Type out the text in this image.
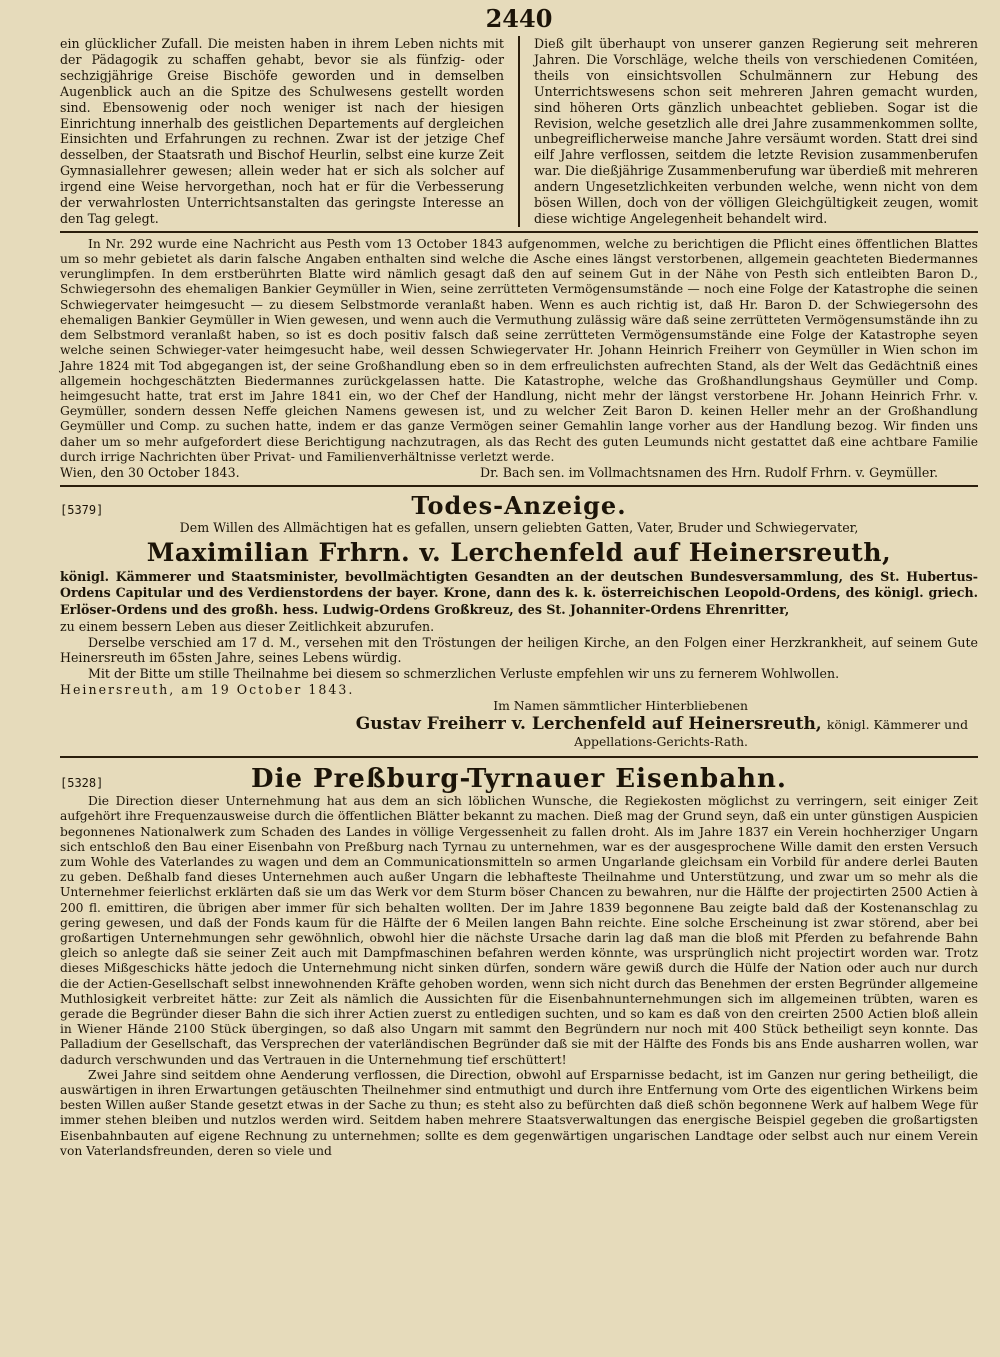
2440

ein glücklicher Zufall. Die meisten haben in ihrem Leben nichts mit der Pädagogik zu schaffen gehabt, bevor sie als fünfzig- oder sechzigjährige Greise Bischöfe geworden und in demselben Augenblick auch an die Spitze des Schulwesens gestellt worden sind. Ebensowenig oder noch weniger ist nach der hiesigen Einrichtung innerhalb des geistlichen Departements auf dergleichen Einsichten und Erfahrungen zu rechnen. Zwar ist der jetzige Chef desselben, der Staatsrath und Bischof Heurlin, selbst eine kurze Zeit Gymnasiallehrer gewesen; allein weder hat er sich als solcher auf irgend eine Weise hervorgethan, noch hat er für die Verbesserung der verwahrlosten Unterrichtsanstalten das geringste Interesse an den Tag gelegt.

Dieß gilt überhaupt von unserer ganzen Regierung seit mehreren Jahren. Die Vorschläge, welche theils von verschiedenen Comitéen, theils von einsichtsvollen Schulmännern zur Hebung des Unterrichtswesens schon seit mehreren Jahren gemacht wurden, sind höheren Orts gänzlich unbeachtet geblieben. Sogar ist die Revision, welche gesetzlich alle drei Jahre zusammenkommen sollte, unbegreiflicherweise manche Jahre versäumt worden. Statt drei sind eilf Jahre verflossen, seitdem die letzte Revision zusammenberufen war. Die dießjährige Zusammenberufung war überdieß mit mehreren andern Ungesetzlichkeiten verbunden welche, wenn nicht von dem bösen Willen, doch von der völligen Gleichgültigkeit zeugen, womit diese wichtige Angelegenheit behandelt wird.

In Nr. 292 wurde eine Nachricht aus Pesth vom 13 October 1843 aufgenommen, welche zu berichtigen die Pflicht eines öffentlichen Blattes um so mehr gebietet als darin falsche Angaben enthalten sind welche die Asche eines längst verstorbenen, allgemein geachteten Biedermannes verunglimpfen. In dem erstberührten Blatte wird nämlich gesagt daß den auf seinem Gut in der Nähe von Pesth sich entleibten Baron D., Schwiegersohn des ehemaligen Bankier Geymüller in Wien, seine zerrütteten Vermögensumstände — noch eine Folge der Katastrophe die seinen Schwiegervater heimgesucht — zu diesem Selbstmorde veranlaßt haben. Wenn es auch richtig ist, daß Hr. Baron D. der Schwiegersohn des ehemaligen Bankier Geymüller in Wien gewesen, und wenn auch die Vermuthung zulässig wäre daß seine zerrütteten Vermögensumstände ihn zu dem Selbstmord veranlaßt haben, so ist es doch positiv falsch daß seine zerrütteten Vermögensumstände eine Folge der Katastrophe seyen welche seinen Schwieger-vater heimgesucht habe, weil dessen Schwiegervater Hr. Johann Heinrich Freiherr von Geymüller in Wien schon im Jahre 1824 mit Tod abgegangen ist, der seine Großhandlung eben so in dem erfreulichsten aufrechten Stand, als der Welt das Gedächtniß eines allgemein hochgeschätzten Biedermannes zurückgelassen hatte. Die Katastrophe, welche das Großhandlungshaus Geymüller und Comp. heimgesucht hatte, trat erst im Jahre 1841 ein, wo der Chef der Handlung, nicht mehr der längst verstorbene Hr. Johann Heinrich Frhr. v. Geymüller, sondern dessen Neffe gleichen Namens gewesen ist, und zu welcher Zeit Baron D. keinen Heller mehr an der Großhandlung Geymüller und Comp. zu suchen hatte, indem er das ganze Vermögen seiner Gemahlin lange vorher aus der Handlung bezog. Wir finden uns daher um so mehr aufgefordert diese Berichtigung nachzutragen, als das Recht des guten Leumunds nicht gestattet daß eine achtbare Familie durch irrige Nachrichten über Privat- und Familienverhältnisse verletzt werde.

Wien, den 30 October 1843.	Dr. Bach sen. im Vollmachtsnamen des Hrn. Rudolf Frhrn. v. Geymüller.
[5379]	Todes-Anzeige.

Dem Willen des Allmächtigen hat es gefallen, unsern geliebten Gatten, Vater, Bruder und Schwiegervater,

Maximilian Frhrn. v. Lerchenfeld auf Heinersreuth,

königl. Kämmerer und Staatsminister, bevollmächtigten Gesandten an der deutschen Bundesversammlung, des St. Hubertus-Ordens Capitular und des Verdienstordens der bayer. Krone, dann des k. k. österreichischen Leopold-Ordens, des königl. griech. Erlöser-Ordens und des großh. hess. Ludwig-Ordens Großkreuz, des St. Johanniter-Ordens Ehrenritter,

zu einem bessern Leben aus dieser Zeitlichkeit abzurufen.

Derselbe verschied am 17 d. M., versehen mit den Tröstungen der heiligen Kirche, an den Folgen einer Herzkrankheit, auf seinem Gute Heinersreuth im 65sten Jahre, seines Lebens würdig.

Mit der Bitte um stille Theilnahme bei diesem so schmerzlichen Verluste empfehlen wir uns zu fernerem Wohlwollen.

Heinersreuth, am 19 October 1843.

Im Namen sämmtlicher Hinterbliebenen
Gustav Freiherr v. Lerchenfeld auf Heinersreuth, königl. Kämmerer und
Appellations-Gerichts-Rath.
[5328]	Die Preßburg-Tyrnauer Eisenbahn.

Die Direction dieser Unternehmung hat aus dem an sich löblichen Wunsche, die Regiekosten möglichst zu verringern, seit einiger Zeit aufgehört ihre Frequenzausweise durch die öffentlichen Blätter bekannt zu machen. Dieß mag der Grund seyn, daß ein unter günstigen Auspicien begonnenes Nationalwerk zum Schaden des Landes in völlige Vergessenheit zu fallen droht. Als im Jahre 1837 ein Verein hochherziger Ungarn sich entschloß den Bau einer Eisenbahn von Preßburg nach Tyrnau zu unternehmen, war es der ausgesprochene Wille damit den ersten Versuch zum Wohle des Vaterlandes zu wagen und dem an Communicationsmitteln so armen Ungarlande gleichsam ein Vorbild für andere derlei Bauten zu geben. Deßhalb fand dieses Unternehmen auch außer Ungarn die lebhafteste Theilnahme und Unterstützung, und zwar um so mehr als die Unternehmer feierlichst erklärten daß sie um das Werk vor dem Sturm böser Chancen zu bewahren, nur die Hälfte der projectirten 2500 Actien à 200 fl. emittiren, die übrigen aber immer für sich behalten wollten. Der im Jahre 1839 begonnene Bau zeigte bald daß der Kostenanschlag zu gering gewesen, und daß der Fonds kaum für die Hälfte der 6 Meilen langen Bahn reichte. Eine solche Erscheinung ist zwar störend, aber bei großartigen Unternehmungen sehr gewöhnlich, obwohl hier die nächste Ursache darin lag daß man die bloß mit Pferden zu befahrende Bahn gleich so anlegte daß sie seiner Zeit auch mit Dampfmaschinen befahren werden könnte, was ursprünglich nicht projectirt worden war. Trotz dieses Mißgeschicks hätte jedoch die Unternehmung nicht sinken dürfen, sondern wäre gewiß durch die Hülfe der Nation oder auch nur durch die der Actien-Gesellschaft selbst innewohnenden Kräfte gehoben worden, wenn sich nicht durch das Benehmen der ersten Begründer allgemeine Muthlosigkeit verbreitet hätte: zur Zeit als nämlich die Aussichten für die Eisenbahnunternehmungen sich im allgemeinen trübten, waren es gerade die Begründer dieser Bahn die sich ihrer Actien zuerst zu entledigen suchten, und so kam es daß von den creirten 2500 Actien bloß allein in Wiener Hände 2100 Stück übergingen, so daß also Ungarn mit sammt den Begründern nur noch mit 400 Stück betheiligt seyn konnte. Das Palladium der Gesellschaft, das Versprechen der vaterländischen Begründer daß sie mit der Hälfte des Fonds bis ans Ende ausharren wollen, war dadurch verschwunden und das Vertrauen in die Unternehmung tief erschüttert!

Zwei Jahre sind seitdem ohne Aenderung verflossen, die Direction, obwohl auf Ersparnisse bedacht, ist im Ganzen nur gering betheiligt, die auswärtigen in ihren Erwartungen getäuschten Theilnehmer sind entmuthigt und durch ihre Entfernung vom Orte des eigentlichen Wirkens beim besten Willen außer Stande gesetzt etwas in der Sache zu thun; es steht also zu befürchten daß dieß schön begonnene Werk auf halbem Wege für immer stehen bleiben und nutzlos werden wird. Seitdem haben mehrere Staatsverwaltungen das energische Beispiel gegeben die großartigsten Eisenbahnbauten auf eigene Rechnung zu unternehmen; sollte es dem gegenwärtigen ungarischen Landtage oder selbst auch nur einem Verein von Vaterlandsfreunden, deren so viele und
